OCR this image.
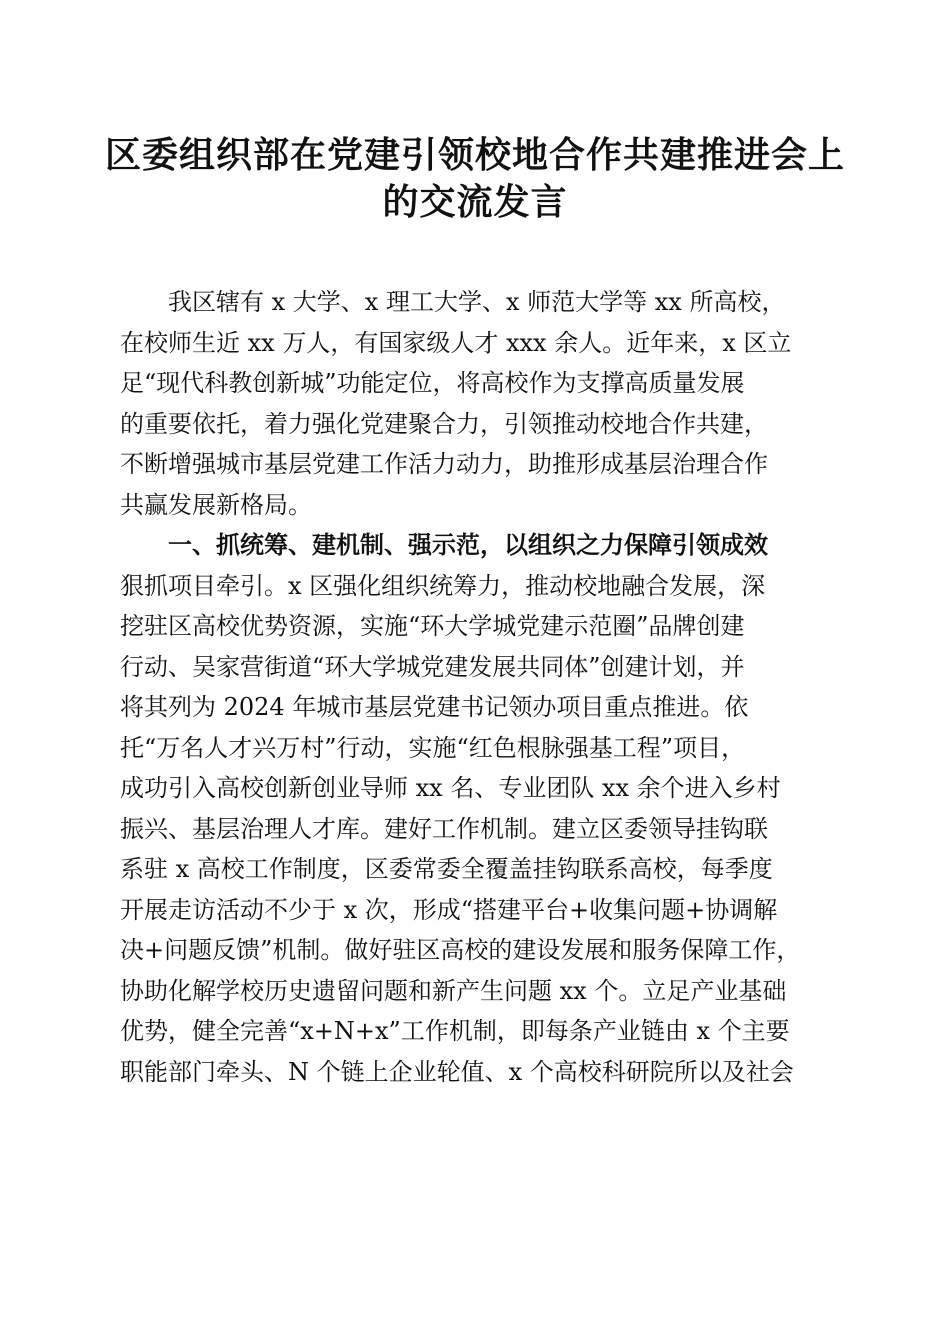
区委组织部在党建引领校地合作共建推进会上
的交流发言
我区辖有 x 大学、x 理工大学、x 师范大学等 xx 所高校，
在校师生近 xx 万人，有国家级人才 xxx 余人。近年来，x 区立
足“现代科教创新城”功能定位，将高校作为支撑高质量发展
的重要依托，着力强化党建聚合力，引领推动校地合作共建，
不断增强城市基层党建工作活力动力，助推形成基层治理合作
共赢发展新格局。
一、抓统筹、建机制、强示范，以组织之力保障引领成效
狠抓项目牵引。x 区强化组织统筹力，推动校地融合发展，深
挖驻区高校优势资源，实施“环大学城党建示范圈”品牌创建
行动、吴家营街道“环大学城党建发展共同体”创建计划，并
将其列为 2024 年城市基层党建书记领办项目重点推进。依
托“万名人才兴万村”行动，实施“红色根脉强基工程”项目，
成功引入高校创新创业导师 xx 名、专业团队 xx 余个进入乡村
振兴、基层治理人才库。建好工作机制。建立区委领导挂钩联
系驻 x 高校工作制度，区委常委全覆盖挂钩联系高校，每季度
开展走访活动不少于 x 次，形成“搭建平台+收集问题+协调解
决+问题反馈”机制。做好驻区高校的建设发展和服务保障工作，
协助化解学校历史遗留问题和新产生问题 xx 个。立足产业基础
优势，健全完善“x+N+x”工作机制，即每条产业链由 x 个主要
职能部门牵头、N 个链上企业轮值、x 个高校科研院所以及社会
